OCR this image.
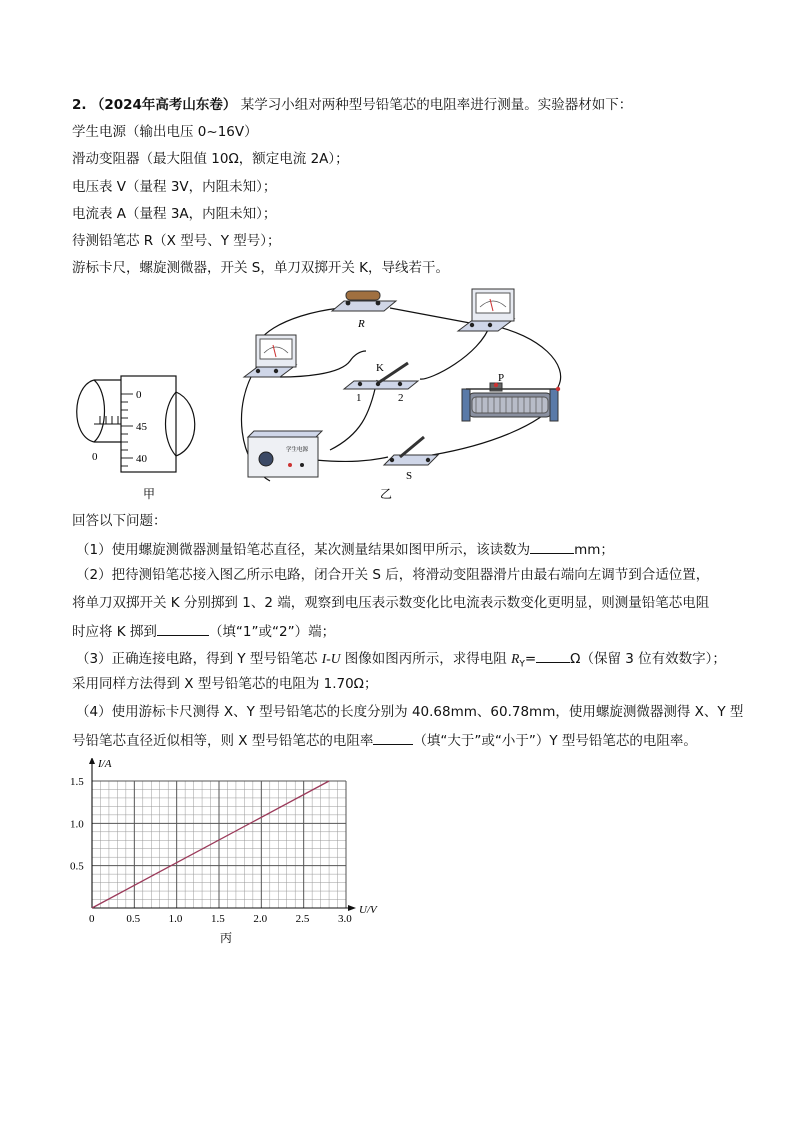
2. （2024年高考山东卷） 某学习小组对两种型号铅笔芯的电阻率进行测量。实验器材如下：
学生电源（输出电压 0~16V）
滑动变阻器（最大阻值 10Ω，额定电流 2A）；
电压表 V（量程 3V，内阻未知）；
电流表 A（量程 3A，内阻未知）；
待测铅笔芯 R（X 型号、Y 型号）；
游标卡尺，螺旋测微器，开关 S，单刀双掷开关 K，导线若干。
0
0
45
40
甲
R
K
1	2
P
学生电源
S
乙
回答以下问题：
（1）使用螺旋测微器测量铅笔芯直径，某次测量结果如图甲所示，该读数为	mm；
（2）把待测铅笔芯接入图乙所示电路，闭合开关 S 后，将滑动变阻器滑片由最右端向左调节到合适位置，
将单刀双掷开关 K 分别掷到 1、2 端，观察到电压表示数变化比电流表示数变化更明显，则测量铅笔芯电阻
时应将 K 掷到	（填“1”或“2”）端；
（3）正确连接电路，得到 Y 型号铅笔芯 I-U 图像如图丙所示，求得电阻 $R_Y=$	Ω（保留 3 位有效数字）；
采用同样方法得到 X 型号铅笔芯的电阻为 1.70Ω；
（4）使用游标卡尺测得 X、Y 型号铅笔芯的长度分别为 40.68mm、60.78mm，使用螺旋测微器测得 X、Y 型
号铅笔芯直径近似相等，则 X 型号铅笔芯的电阻率	（填“大于”或“小于”）Y 型号铅笔芯的电阻率。
0	0.5	1.0	1.5	2.0	2.5	3.0
0.5
1.0
1.5
U/V
I/A
丙
